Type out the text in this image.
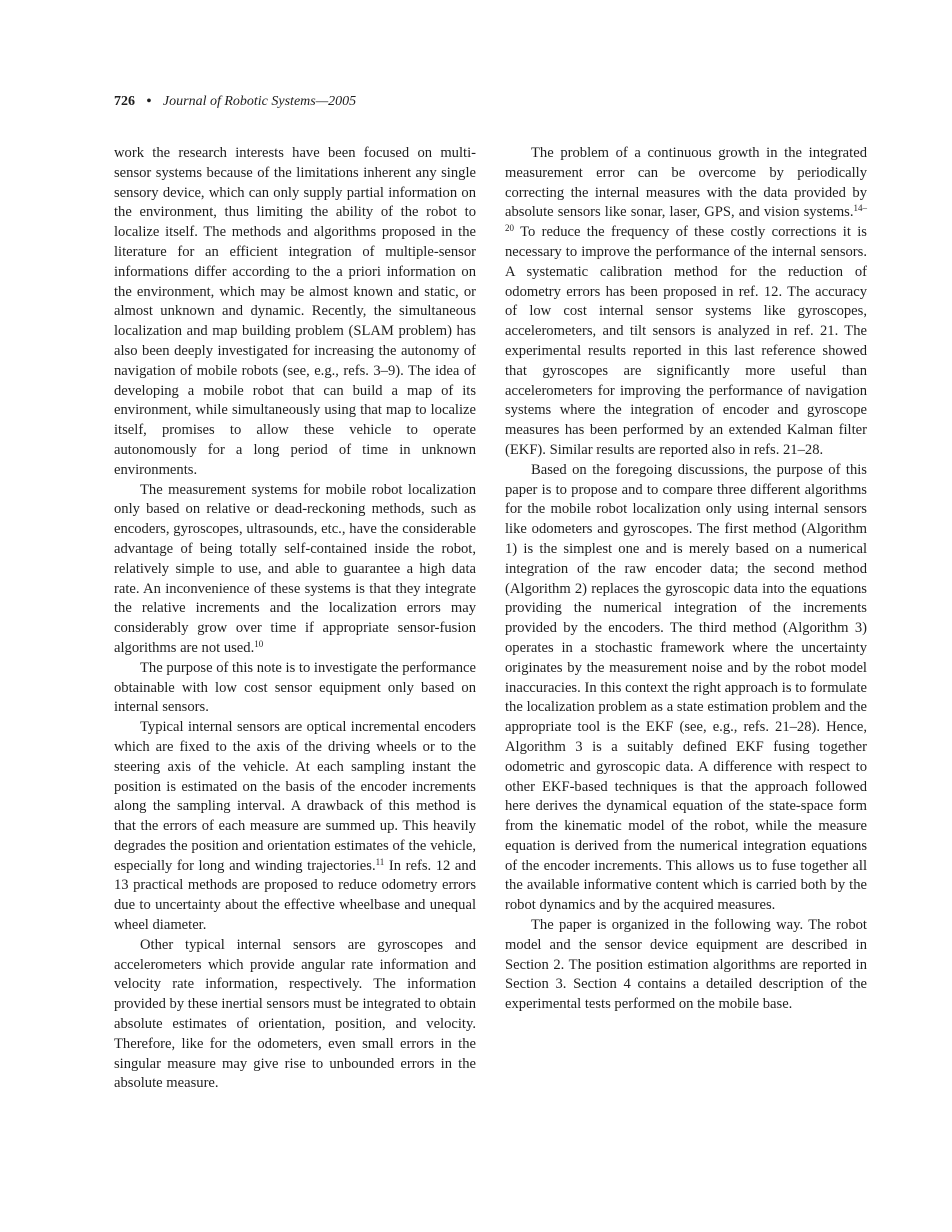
726 • Journal of Robotic Systems—2005

work the research interests have been focused on multi-sensor systems because of the limitations inherent any single sensory device, which can only supply partial information on the environment, thus limiting the ability of the robot to localize itself. The methods and algorithms proposed in the literature for an efficient integration of multiple-sensor informations differ according to the a priori information on the environment, which may be almost known and static, or almost unknown and dynamic. Recently, the simultaneous localization and map building problem (SLAM problem) has also been deeply investigated for increasing the autonomy of navigation of mobile robots (see, e.g., refs. 3–9). The idea of developing a mobile robot that can build a map of its environment, while simultaneously using that map to localize itself, promises to allow these vehicle to operate autonomously for a long period of time in unknown environments.

The measurement systems for mobile robot localization only based on relative or dead-reckoning methods, such as encoders, gyroscopes, ultrasounds, etc., have the considerable advantage of being totally self-contained inside the robot, relatively simple to use, and able to guarantee a high data rate. An inconvenience of these systems is that they integrate the relative increments and the localization errors may considerably grow over time if appropriate sensor-fusion algorithms are not used.$^{10}$

The purpose of this note is to investigate the performance obtainable with low cost sensor equipment only based on internal sensors.

Typical internal sensors are optical incremental encoders which are fixed to the axis of the driving wheels or to the steering axis of the vehicle. At each sampling instant the position is estimated on the basis of the encoder increments along the sampling interval. A drawback of this method is that the errors of each measure are summed up. This heavily degrades the position and orientation estimates of the vehicle, especially for long and winding trajectories.$^{11}$ In refs. 12 and 13 practical methods are proposed to reduce odometry errors due to uncertainty about the effective wheelbase and unequal wheel diameter.

Other typical internal sensors are gyroscopes and accelerometers which provide angular rate information and velocity rate information, respectively. The information provided by these inertial sensors must be integrated to obtain absolute estimates of orientation, position, and velocity. Therefore, like for the odometers, even small errors in the singular measure may give rise to unbounded errors in the absolute measure.

The problem of a continuous growth in the integrated measurement error can be overcome by periodically correcting the internal measures with the data provided by absolute sensors like sonar, laser, GPS, and vision systems.$^{14-20}$ To reduce the frequency of these costly corrections it is necessary to improve the performance of the internal sensors. A systematic calibration method for the reduction of odometry errors has been proposed in ref. 12. The accuracy of low cost internal sensor systems like gyroscopes, accelerometers, and tilt sensors is analyzed in ref. 21. The experimental results reported in this last reference showed that gyroscopes are significantly more useful than accelerometers for improving the performance of navigation systems where the integration of encoder and gyroscope measures has been performed by an extended Kalman filter (EKF). Similar results are reported also in refs. 21–28.

Based on the foregoing discussions, the purpose of this paper is to propose and to compare three different algorithms for the mobile robot localization only using internal sensors like odometers and gyroscopes. The first method (Algorithm 1) is the simplest one and is merely based on a numerical integration of the raw encoder data; the second method (Algorithm 2) replaces the gyroscopic data into the equations providing the numerical integration of the increments provided by the encoders. The third method (Algorithm 3) operates in a stochastic framework where the uncertainty originates by the measurement noise and by the robot model inaccuracies. In this context the right approach is to formulate the localization problem as a state estimation problem and the appropriate tool is the EKF (see, e.g., refs. 21–28). Hence, Algorithm 3 is a suitably defined EKF fusing together odometric and gyroscopic data. A difference with respect to other EKF-based techniques is that the approach followed here derives the dynamical equation of the state-space form from the kinematic model of the robot, while the measure equation is derived from the numerical integration equations of the encoder increments. This allows us to fuse together all the available informative content which is carried both by the robot dynamics and by the acquired measures.

The paper is organized in the following way. The robot model and the sensor device equipment are described in Section 2. The position estimation algorithms are reported in Section 3. Section 4 contains a detailed description of the experimental tests performed on the mobile base.
